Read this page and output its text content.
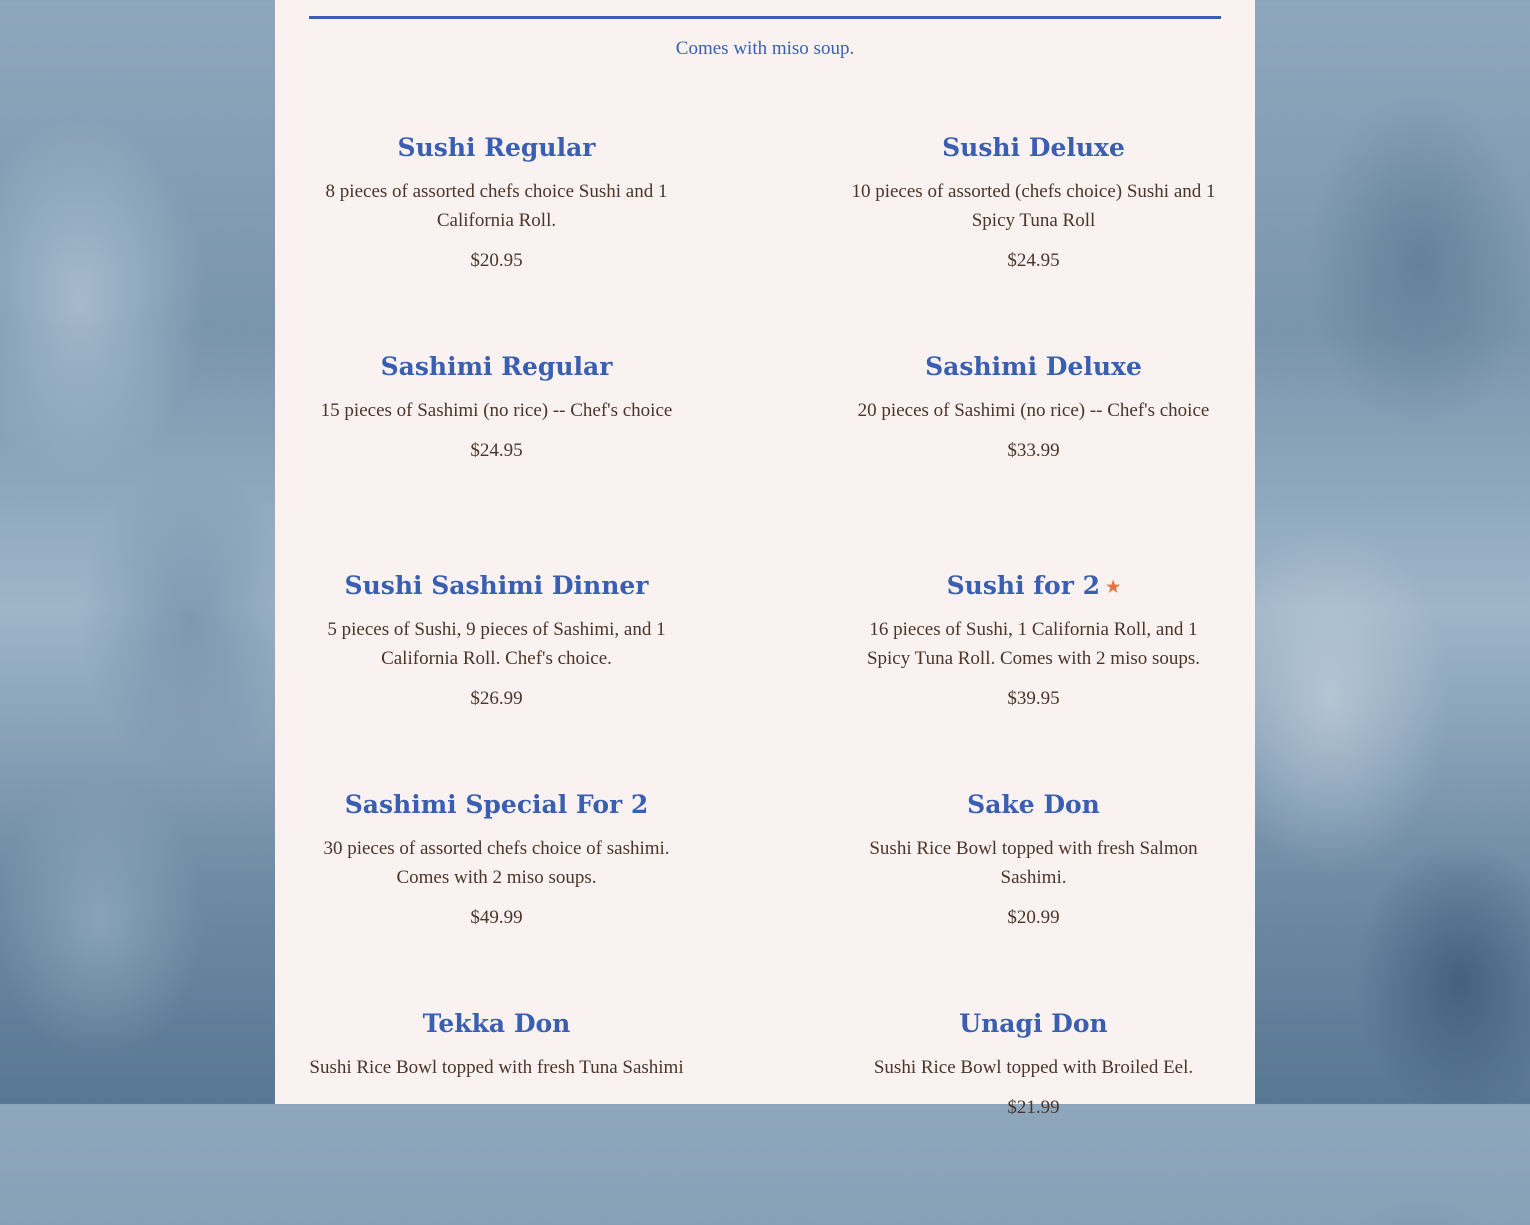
Comes with miso soup.
Sushi Regular

8 pieces of assorted chefs choice Sushi and 1 California Roll.

$20.95

Sushi Deluxe

10 pieces of assorted (chefs choice) Sushi and 1 Spicy Tuna Roll

$24.95

Sashimi Regular

15 pieces of Sashimi (no rice) -- Chef's choice

$24.95

Sashimi Deluxe

20 pieces of Sashimi (no rice) -- Chef's choice

$33.99

Sushi Sashimi Dinner

5 pieces of Sushi, 9 pieces of Sashimi, and 1 California Roll. Chef's choice.

$26.99

Sushi for 2 ★

16 pieces of Sushi, 1 California Roll, and 1 Spicy Tuna Roll. Comes with 2 miso soups.

$39.95

Sashimi Special For 2

30 pieces of assorted chefs choice of sashimi. Comes with 2 miso soups.

$49.99

Sake Don

Sushi Rice Bowl topped with fresh Salmon Sashimi.

$20.99

Tekka Don

Sushi Rice Bowl topped with fresh Tuna Sashimi

Unagi Don

Sushi Rice Bowl topped with Broiled Eel.

$21.99
